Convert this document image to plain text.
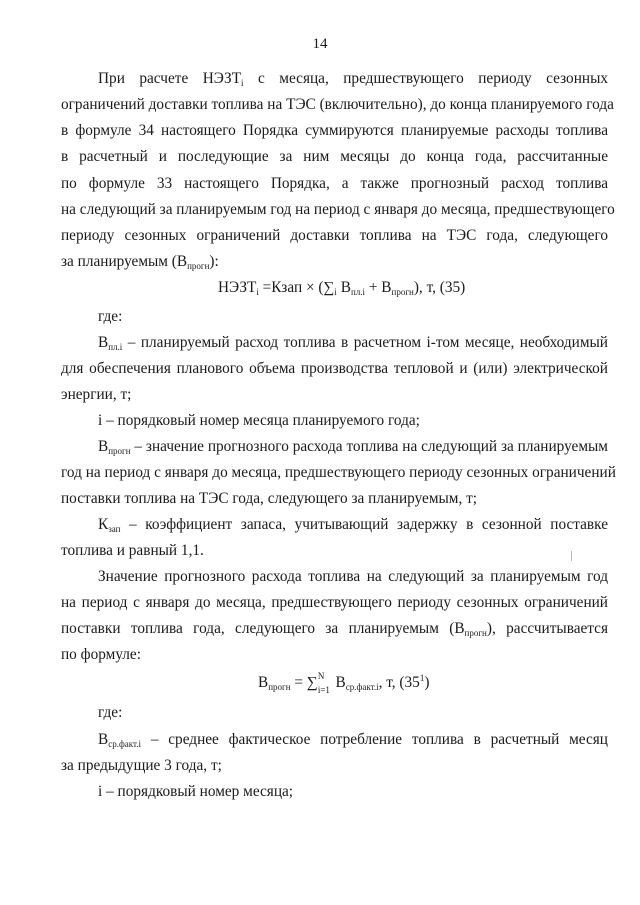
14
При расчете $НЭЗТ_i$ с месяца, предшествующего периоду сезонных
ограничений доставки топлива на ТЭС (включительно), до конца планируемого года
в формуле 34 настоящего Порядка суммируются планируемые расходы топлива
в расчетный и последующие за ним месяцы до конца года, рассчитанные
по формуле 33 настоящего Порядка, а также прогнозный расход топлива
на следующий за планируемым год на период с января до месяца, предшествующего
периоду сезонных ограничений доставки топлива на ТЭС года, следующего
за планируемым $(В_{прогн})$:
$НЭЗТ_i$ =Кзап × ($\sum_i$ $В_{пл.i} + В_{прогн}$), т, (35)
где:
$В_{пл.i}$ – планируемый расход топлива в расчетном i-том месяце, необходимый
для обеспечения планового объема производства тепловой и (или) электрической
энергии, т;
i – порядковый номер месяца планируемого года;
$В_{прогн}$ – значение прогнозного расхода топлива на следующий за планируемым
год на период с января до месяца, предшествующего периоду сезонных ограничений
поставки топлива на ТЭС года, следующего за планируемым, т;
$К_{зап}$ – коэффициент запаса, учитывающий задержку в сезонной поставке
топлива и равный 1,1.
Значение прогнозного расхода топлива на следующий за планируемым год
на период с января до месяца, предшествующего периоду сезонных ограничений
поставки топлива года, следующего за планируемым $(В_{прогн})$, рассчитывается
по формуле:
$В_{прогн}$ = ∑ N
i=1 $В_{ср.факт.i}$, т, $(35^1)$
где:
$В_{ср.факт.i}$ – среднее фактическое потребление топлива в расчетный месяц
за предыдущие 3 года, т;
i – порядковый номер месяца;
